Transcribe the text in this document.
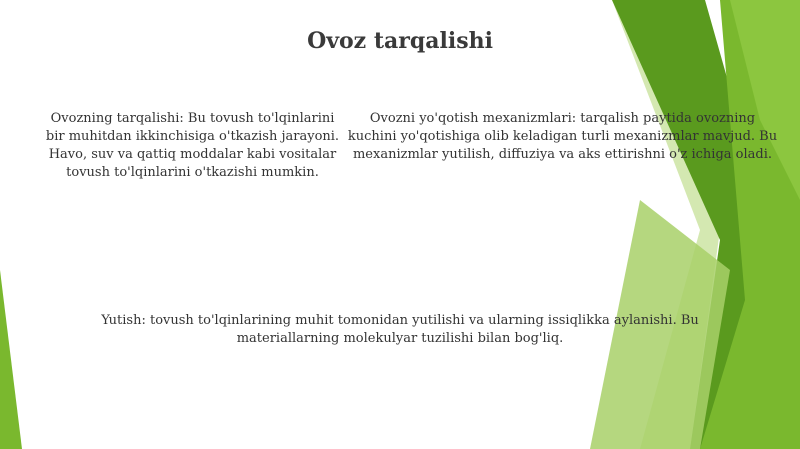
Ovoz tarqalishi

Ovozning tarqalishi: Bu tovush to'lqinlarini bir muhitdan ikkinchisiga o'tkazish jarayoni. Havo, suv va qattiq moddalar kabi vositalar tovush to'lqinlarini o'tkazishi mumkin.

Ovozni yo'qotish mexanizmlari: tarqalish paytida ovozning kuchini yo'qotishiga olib keladigan turli mexanizmlar mavjud. Bu mexanizmlar yutilish, diffuziya va aks ettirishni o'z ichiga oladi.

Yutish: tovush to'lqinlarining muhit tomonidan yutilishi va ularning issiqlikka aylanishi. Bu materiallarning molekulyar tuzilishi bilan bog'liq.
